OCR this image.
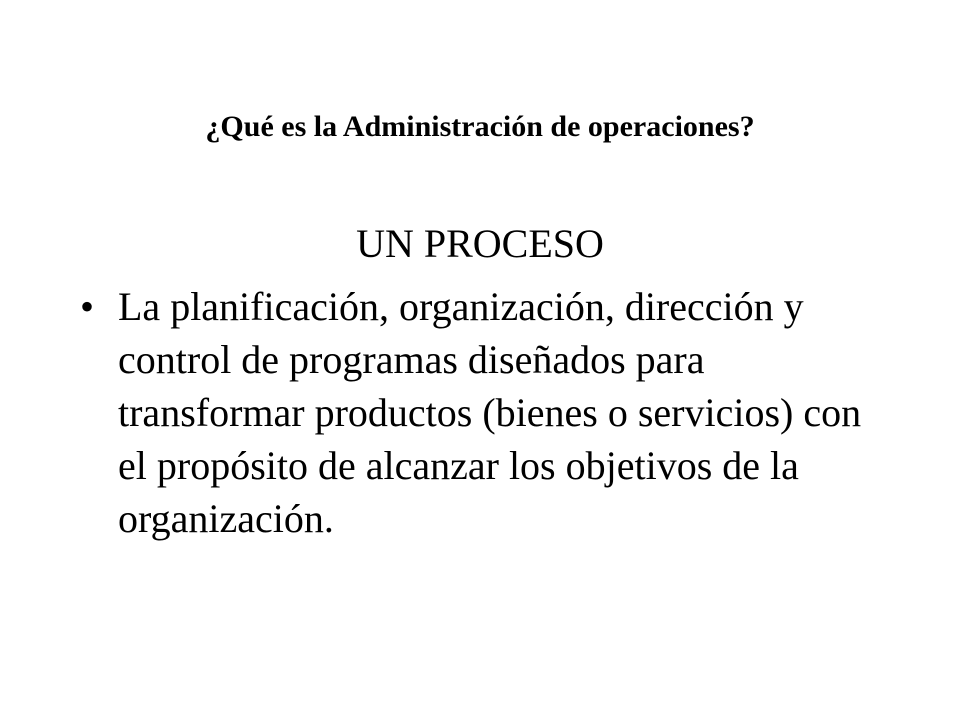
¿Qué es la Administración de operaciones?
UN PROCESO
• La planificación, organización, dirección y control de programas diseñados para transformar productos (bienes o servicios) con el propósito de alcanzar los objetivos de la organización.
